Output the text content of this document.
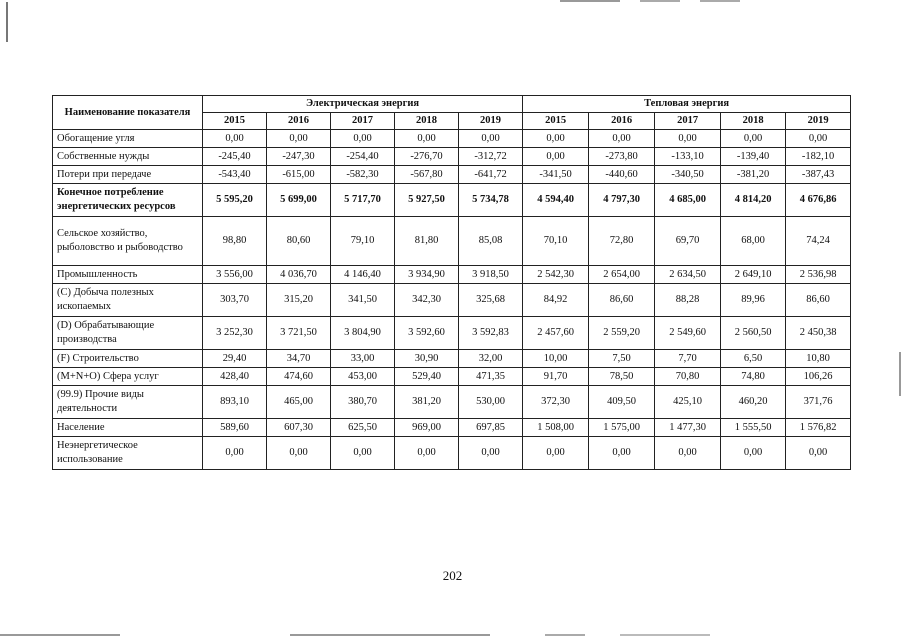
Наименование показателя	Электрическая энергия					Тепловая энергия				
	2015	2016	2017	2018	2019	2015	2016	2017	2018	2019
Обогащение угля	0,00	0,00	0,00	0,00	0,00	0,00	0,00	0,00	0,00	0,00
Собственные нужды	-245,40	-247,30	-254,40	-276,70	-312,72	0,00	-273,80	-133,10	-139,40	-182,10
Потери при передаче	-543,40	-615,00	-582,30	-567,80	-641,72	-341,50	-440,60	-340,50	-381,20	-387,43
Конечное потребление энергетических ресурсов	5 595,20	5 699,00	5 717,70	5 927,50	5 734,78	4 594,40	4 797,30	4 685,00	4 814,20	4 676,86
Сельское хозяйство, рыболовство и рыбоводство	98,80	80,60	79,10	81,80	85,08	70,10	72,80	69,70	68,00	74,24
Промышленность	3 556,00	4 036,70	4 146,40	3 934,90	3 918,50	2 542,30	2 654,00	2 634,50	2 649,10	2 536,98
(С) Добыча полезных ископаемых	303,70	315,20	341,50	342,30	325,68	84,92	86,60	88,28	89,96	86,60
(D) Обрабатывающие производства	3 252,30	3 721,50	3 804,90	3 592,60	3 592,83	2 457,60	2 559,20	2 549,60	2 560,50	2 450,38
(F) Строительство	29,40	34,70	33,00	30,90	32,00	10,00	7,50	7,70	6,50	10,80
(M+N+O) Сфера услуг	428,40	474,60	453,00	529,40	471,35	91,70	78,50	70,80	74,80	106,26
(99.9) Прочие виды деятельности	893,10	465,00	380,70	381,20	530,00	372,30	409,50	425,10	460,20	371,76
Население	589,60	607,30	625,50	969,00	697,85	1 508,00	1 575,00	1 477,30	1 555,50	1 576,82
Неэнергетическое использование	0,00	0,00	0,00	0,00	0,00	0,00	0,00	0,00	0,00	0,00
202
